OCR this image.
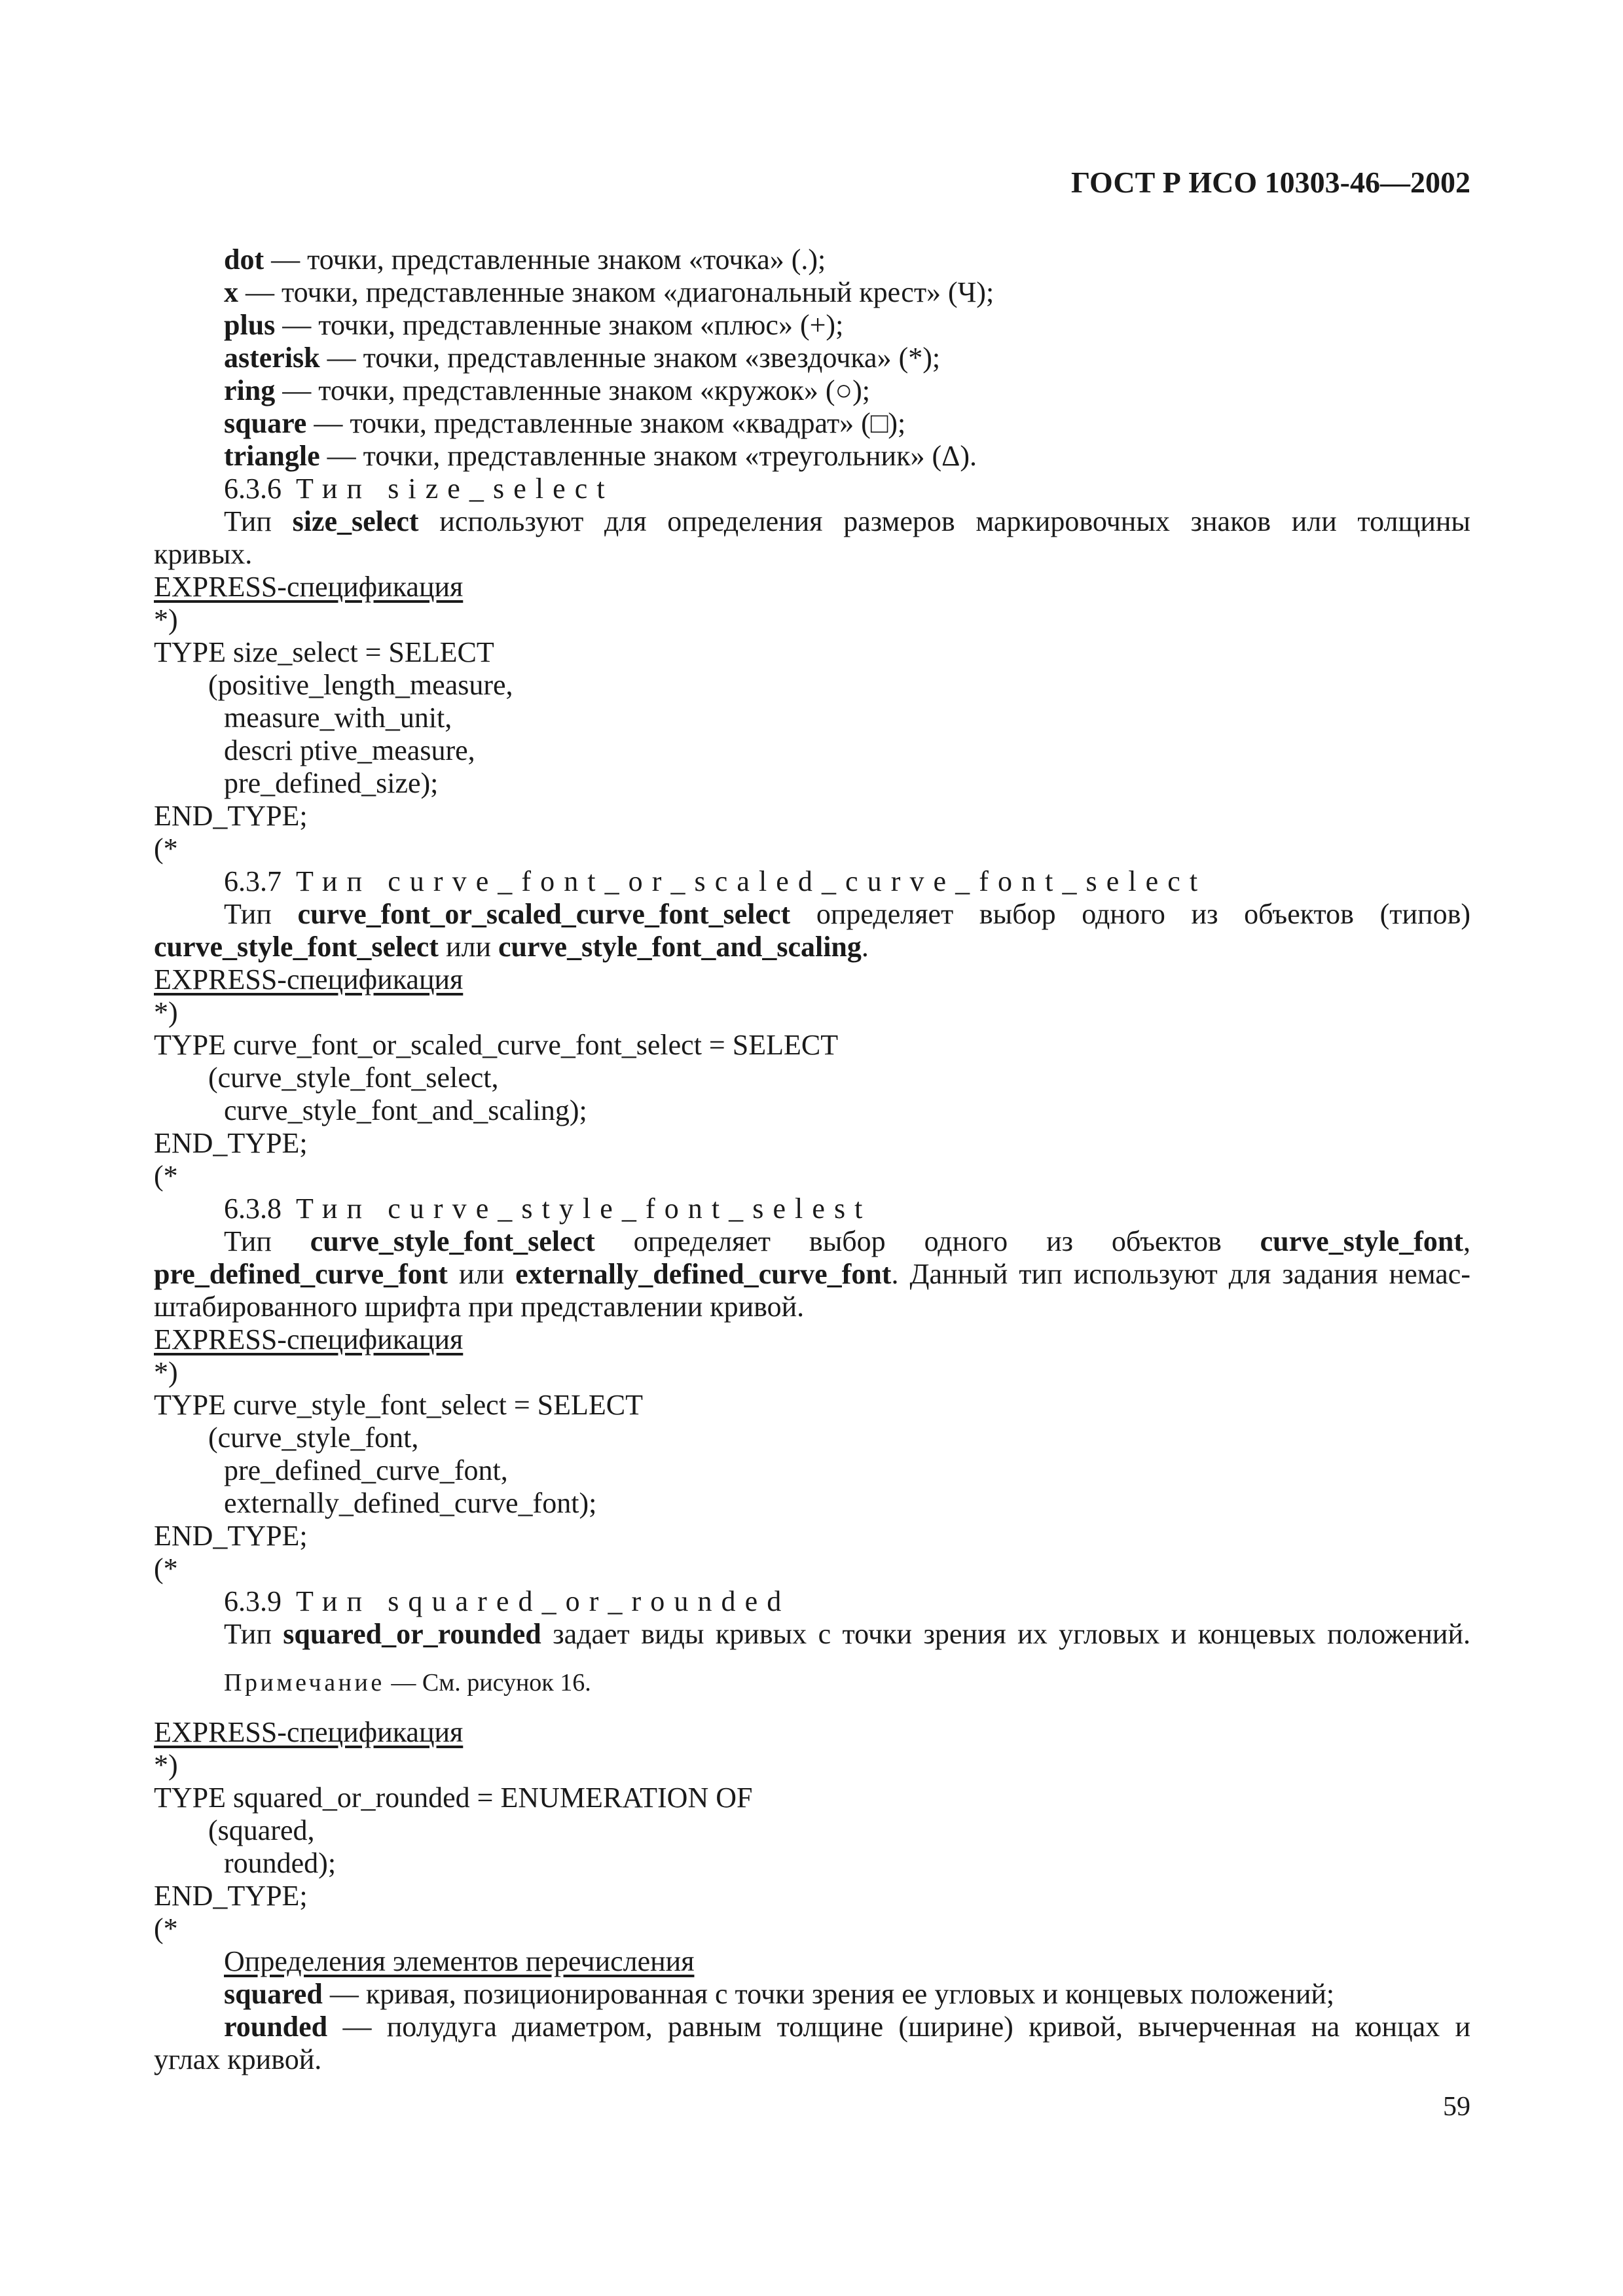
ГОСТ Р ИСО 10303-46—2002
dot — точки, представленные знаком «точка» (.);
x — точки, представленные знаком «диагональный крест» (Ч);
plus — точки, представленные знаком «плюс» (+);
asterisk — точки, представленные знаком «звездочка» (*);
ring — точки, представленные знаком «кружок» (○);
square — точки, представленные знаком «квадрат» (□);
triangle — точки, представленные знаком «треугольник» (Δ).
6.3.6 Тип size_select
Тип size_select используют для определения размеров маркировочных знаков или толщины
кривых.
EXPRESS-спецификация
*)
TYPE size_select = SELECT
(positive_length_measure,
measure_with_unit,
descri ptive_measure,
pre_defined_size);
END_TYPE;
(*
6.3.7 Тип curve_font_or_scaled_curve_font_select
Тип curve_font_or_scaled_curve_font_select определяет выбор одного из объектов (типов)
curve_style_font_select или curve_style_font_and_scaling.
EXPRESS-спецификация
*)
TYPE curve_font_or_scaled_curve_font_select = SELECT
(curve_style_font_select,
curve_style_font_and_scaling);
END_TYPE;
(*
6.3.8 Тип curve_style_font_selest
Тип curve_style_font_select определяет выбор одного из объектов curve_style_font,
pre_defined_curve_font или externally_defined_curve_font. Данный тип используют для задания немас-
штабированного шрифта при представлении кривой.
EXPRESS-спецификация
*)
TYPE curve_style_font_select = SELECT
(curve_style_font,
pre_defined_curve_font,
externally_defined_curve_font);
END_TYPE;
(*
6.3.9 Тип squared_or_rounded
Тип squared_or_rounded задает виды кривых с точки зрения их угловых и концевых положений.
Примечание — См. рисунок 16.
EXPRESS-спецификация
*)
TYPE squared_or_rounded = ENUMERATION OF
(squared,
rounded);
END_TYPE;
(*
Определения элементов перечисления
squared — кривая, позиционированная с точки зрения ее угловых и концевых положений;
rounded — полудуга диаметром, равным толщине (ширине) кривой, вычерченная на концах и
углах кривой.
59
